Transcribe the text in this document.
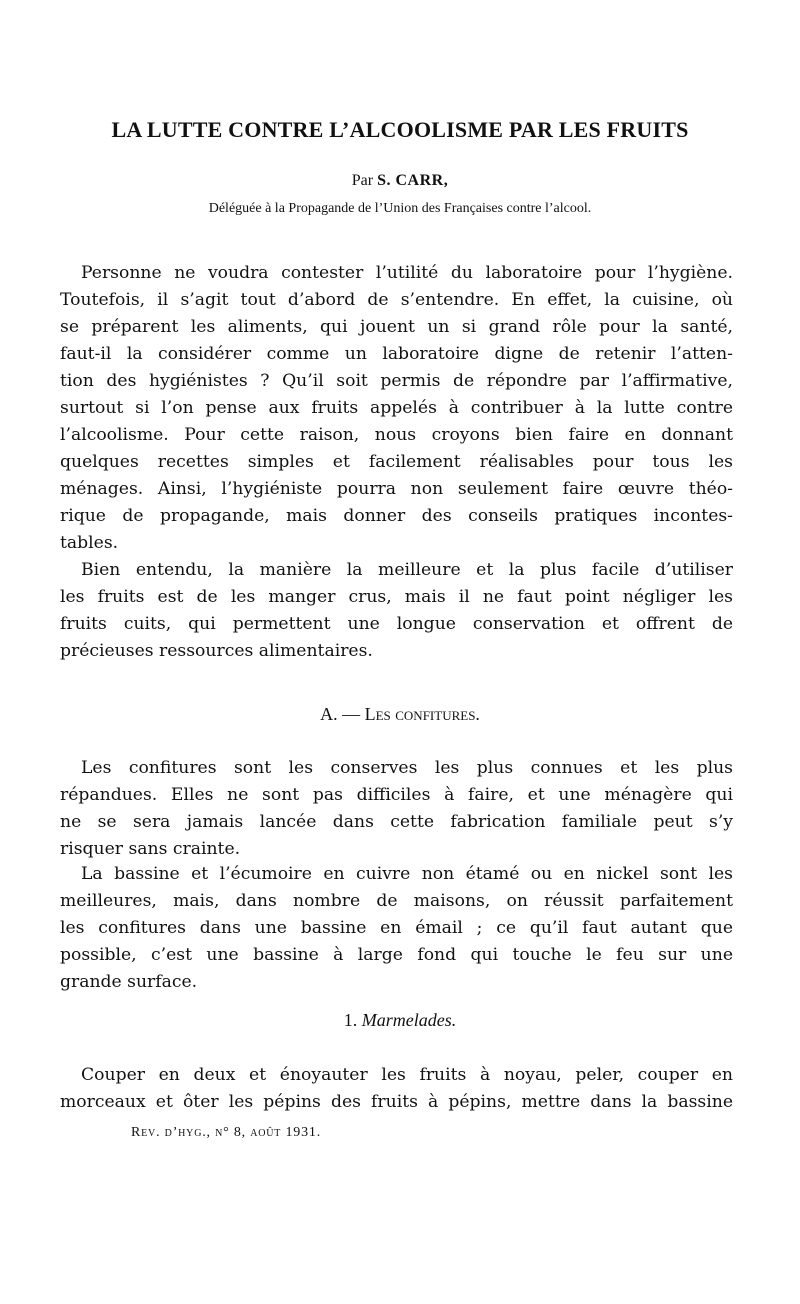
LA LUTTE CONTRE L’ALCOOLISME PAR LES FRUITS
Par S. CARR,
Déléguée à la Propagande de l’Union des Françaises contre l’alcool.
Personne ne voudra contester l’utilité du laboratoire pour l’hygiène.
Toutefois, il s’agit tout d’abord de s’entendre. En effet, la cuisine, où
se préparent les aliments, qui jouent un si grand rôle pour la santé,
faut-il la considérer comme un laboratoire digne de retenir l’atten-
tion des hygiénistes ? Qu’il soit permis de répondre par l’affirmative,
surtout si l’on pense aux fruits appelés à contribuer à la lutte contre
l’alcoolisme. Pour cette raison, nous croyons bien faire en donnant
quelques recettes simples et facilement réalisables pour tous les
ménages. Ainsi, l’hygiéniste pourra non seulement faire œuvre théo-
rique de propagande, mais donner des conseils pratiques incontes-
tables.
Bien entendu, la manière la meilleure et la plus facile d’utiliser
les fruits est de les manger crus, mais il ne faut point négliger les
fruits cuits, qui permettent une longue conservation et offrent de
précieuses ressources alimentaires.
A. — Les confitures.
Les confitures sont les conserves les plus connues et les plus
répandues. Elles ne sont pas difficiles à faire, et une ménagère qui
ne se sera jamais lancée dans cette fabrication familiale peut s’y
risquer sans crainte.
La bassine et l’écumoire en cuivre non étamé ou en nickel sont les
meilleures, mais, dans nombre de maisons, on réussit parfaitement
les confitures dans une bassine en émail ; ce qu’il faut autant que
possible, c’est une bassine à large fond qui touche le feu sur une
grande surface.
1. Marmelades.
Couper en deux et énoyauter les fruits à noyau, peler, couper en
morceaux et ôter les pépins des fruits à pépins, mettre dans la bassine
Rev. d’hyg., n° 8, août 1931.
